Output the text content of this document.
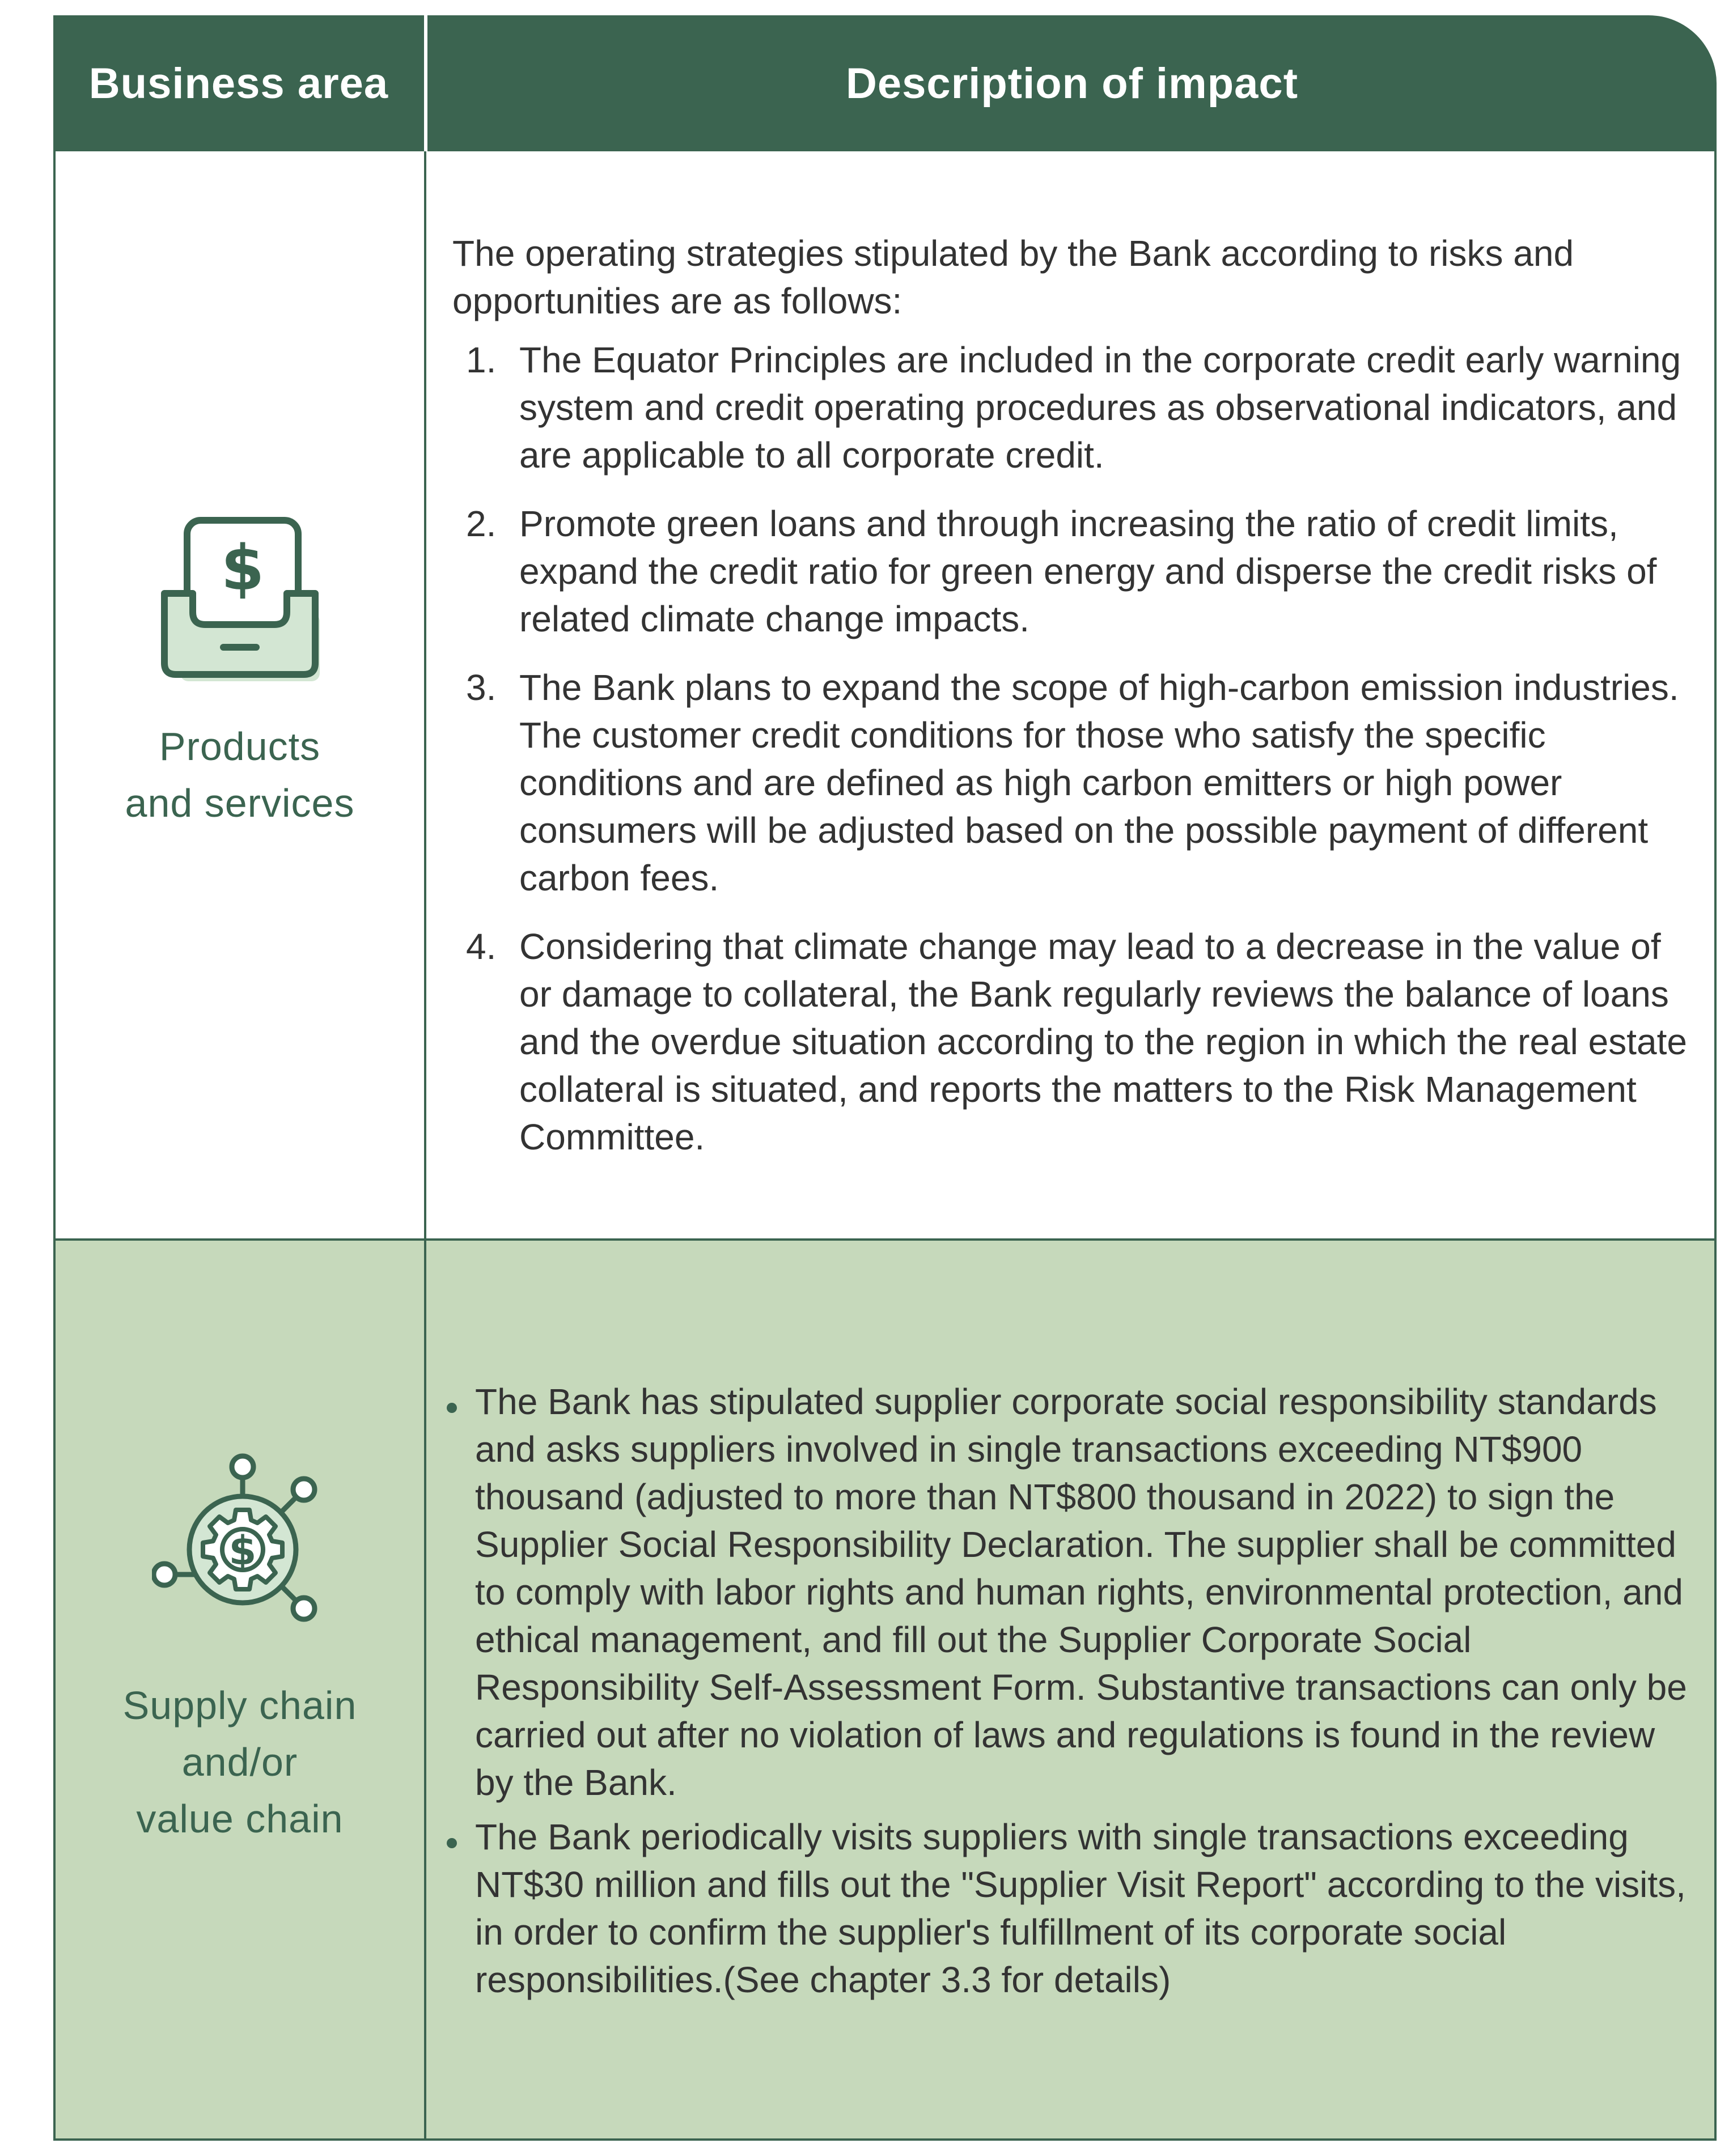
Business area	Description of impact
$
Products
and services
The operating strategies stipulated by the Bank according to risks and opportunities are as follows:
1. The Equator Principles are included in the corporate credit early warning system and credit operating procedures as observational indicators, and are applicable to all corporate credit.
2. Promote green loans and through increasing the ratio of credit limits, expand the credit ratio for green energy and disperse the credit risks of related climate change impacts.
3. The Bank plans to expand the scope of high-carbon emission industries. The customer credit conditions for those who satisfy the specific conditions and are defined as high carbon emitters or high power consumers will be adjusted based on the possible payment of different carbon fees.
4. Considering that climate change may lead to a decrease in the value of or damage to collateral, the Bank regularly reviews the balance of loans and the overdue situation according to the region in which the real estate collateral is situated, and reports the matters to the Risk Management Committee.
$
Supply chain
and/or
value chain
The Bank has stipulated supplier corporate social responsibility standards and asks suppliers involved in single transactions exceeding NT$900 thousand (adjusted to more than NT$800 thousand in 2022) to sign the Supplier Social Responsibility Declaration. The supplier shall be committed to comply with labor rights and human rights, environmental protection, and ethical management, and fill out the Supplier Corporate Social Responsibility Self-Assessment Form. Substantive transactions can only be carried out after no violation of laws and regulations is found in the review by the Bank.
The Bank periodically visits suppliers with single transactions exceeding NT$30 million and fills out the "Supplier Visit Report" according to the visits, in order to confirm the supplier's fulfillment of its corporate social responsibilities.(See chapter 3.3 for details)
